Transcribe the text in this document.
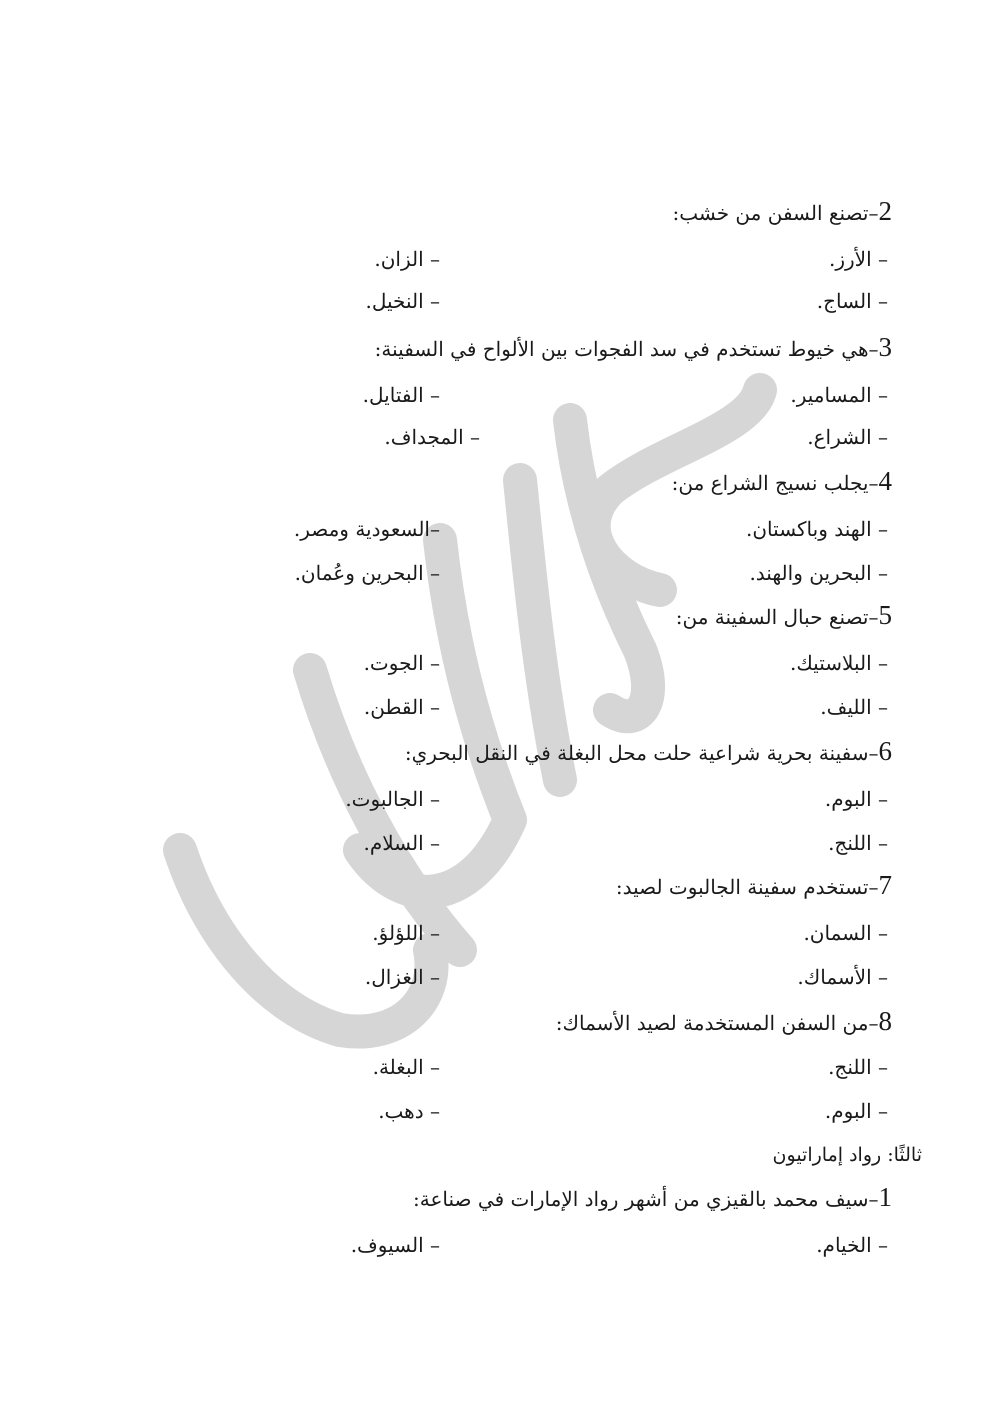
2–تصنع السفن من خشب:
– الأرز.
– الزان.
– الساج.
– النخيل.
3–هي خيوط تستخدم في سد الفجوات بين الألواح في السفينة:
– المسامير.
– الفتايل.
– الشراع.
– المجداف.
4–يجلب نسيج الشراع من:
– الهند وباكستان.
–السعودية ومصر.
– البحرين والهند.
– البحرين وعُمان.
5–تصنع حبال السفينة من:
– البلاستيك.
– الجوت.
– الليف.
– القطن.
6–سفينة بحرية شراعية حلت محل البغلة في النقل البحري:
– البوم.
– الجالبوت.
– اللنج.
– السلام.
7–تستخدم سفينة الجالبوت لصيد:
– السمان.
– اللؤلؤ.
– الأسماك.
– الغزال.
8–من السفن المستخدمة لصيد الأسماك:
– اللنج.
– البغلة.
– البوم.
– دهب.
ثالثًا: رواد إماراتيون
1–سيف محمد بالقيزي من أشهر رواد الإمارات في صناعة:
– الخيام.
– السيوف.
